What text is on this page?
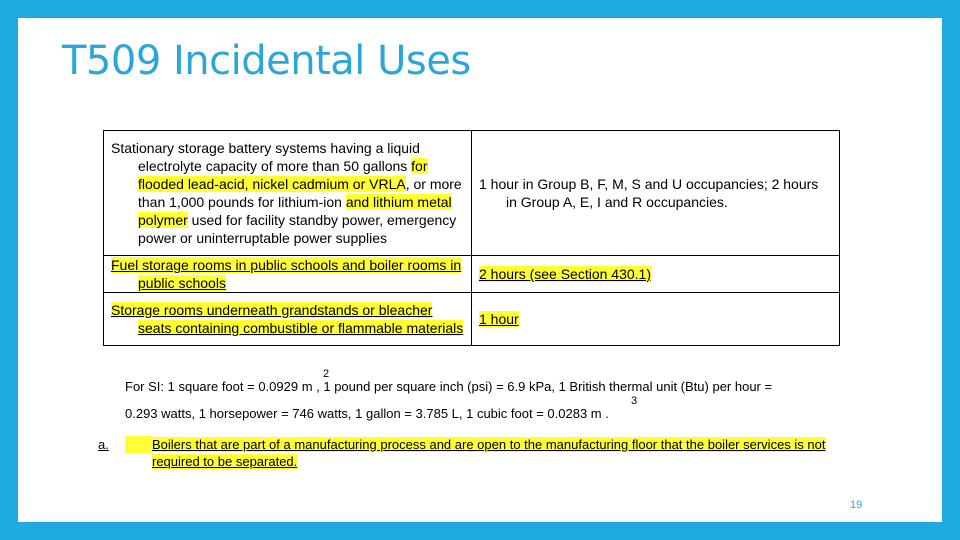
T509 Incidental Uses
Stationary storage battery systems having a liquid electrolyte capacity of more than 50 gallons for flooded lead-acid, nickel cadmium or VRLA, or more than 1,000 pounds for lithium-ion and lithium metal polymer used for facility standby power, emergency power or uninterruptable power supplies	1 hour in Group B, F, M, S and U occupancies; 2 hours in Group A, E, I and R occupancies.

Fuel storage rooms in public schools and boiler rooms in public schools	2 hours (see Section 430.1)

Storage rooms underneath grandstands or bleacher seats containing combustible or flammable materials	1 hour
2
For SI: 1 square foot = 0.0929 m , 1 pound per square inch (psi) = 6.9 kPa, 1 British thermal unit (Btu) per hour =
3
0.293 watts, 1 horsepower = 746 watts, 1 gallon = 3.785 L, 1 cubic foot = 0.0283 m .
a.	Boilers that are part of a manufacturing process and are open to the manufacturing floor that the boiler services is not required to be separated.
19
